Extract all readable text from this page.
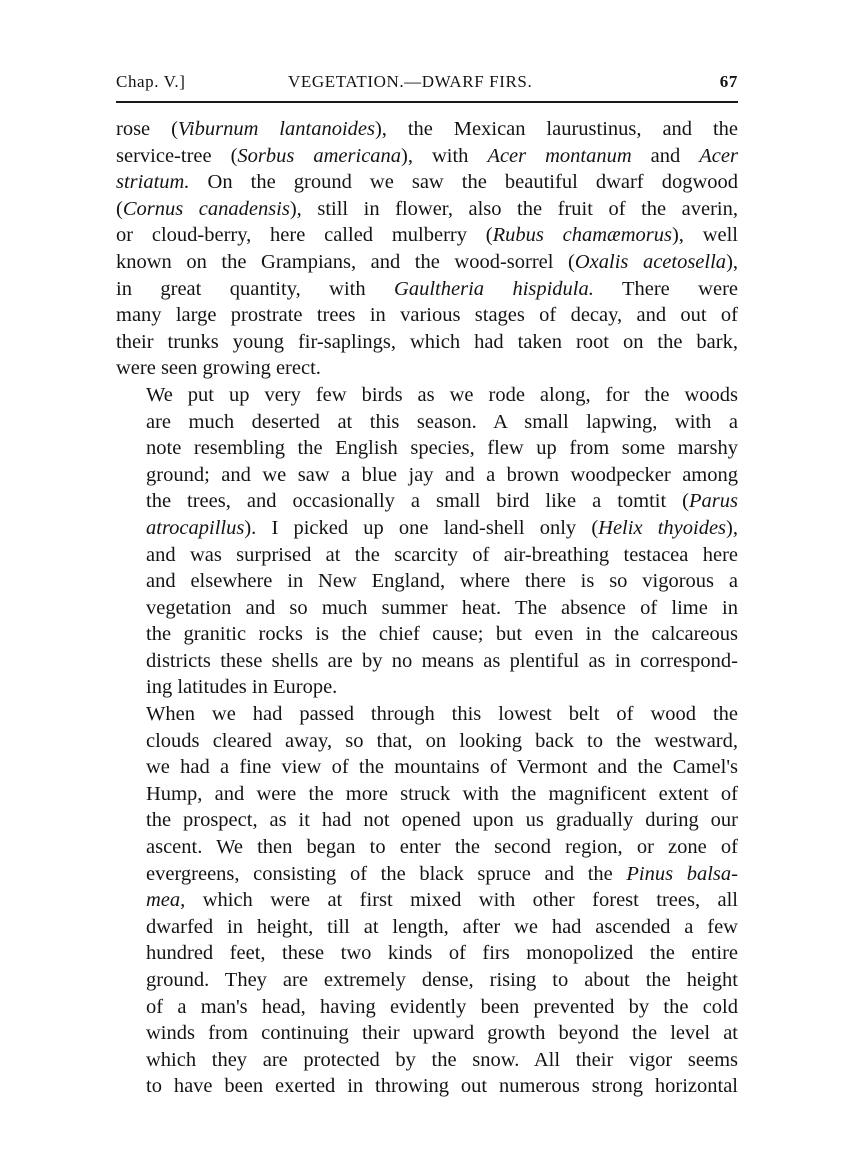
Chap. V.]	VEGETATION.—DWARF FIRS.	67

rose (Viburnum lantanoides), the Mexican laurustinus, and the
service-tree (Sorbus americana), with Acer montanum and Acer
striatum. On the ground we saw the beautiful dwarf dogwood
(Cornus canadensis), still in flower, also the fruit of the averin,
or cloud-berry, here called mulberry (Rubus chamæmorus), well
known on the Grampians, and the wood-sorrel (Oxalis acetosella),
in great quantity, with Gaultheria hispidula. There were
many large prostrate trees in various stages of decay, and out of
their trunks young fir-saplings, which had taken root on the bark,
were seen growing erect.

We put up very few birds as we rode along, for the woods
are much deserted at this season. A small lapwing, with a
note resembling the English species, flew up from some marshy
ground; and we saw a blue jay and a brown woodpecker among
the trees, and occasionally a small bird like a tomtit (Parus
atrocapillus). I picked up one land-shell only (Helix thyoides),
and was surprised at the scarcity of air-breathing testacea here
and elsewhere in New England, where there is so vigorous a
vegetation and so much summer heat. The absence of lime in
the granitic rocks is the chief cause; but even in the calcareous
districts these shells are by no means as plentiful as in correspond-
ing latitudes in Europe.

When we had passed through this lowest belt of wood the
clouds cleared away, so that, on looking back to the westward,
we had a fine view of the mountains of Vermont and the Camel's
Hump, and were the more struck with the magnificent extent of
the prospect, as it had not opened upon us gradually during our
ascent. We then began to enter the second region, or zone of
evergreens, consisting of the black spruce and the Pinus balsa-
mea, which were at first mixed with other forest trees, all
dwarfed in height, till at length, after we had ascended a few
hundred feet, these two kinds of firs monopolized the entire
ground. They are extremely dense, rising to about the height
of a man's head, having evidently been prevented by the cold
winds from continuing their upward growth beyond the level at
which they are protected by the snow. All their vigor seems
to have been exerted in throwing out numerous strong horizontal
